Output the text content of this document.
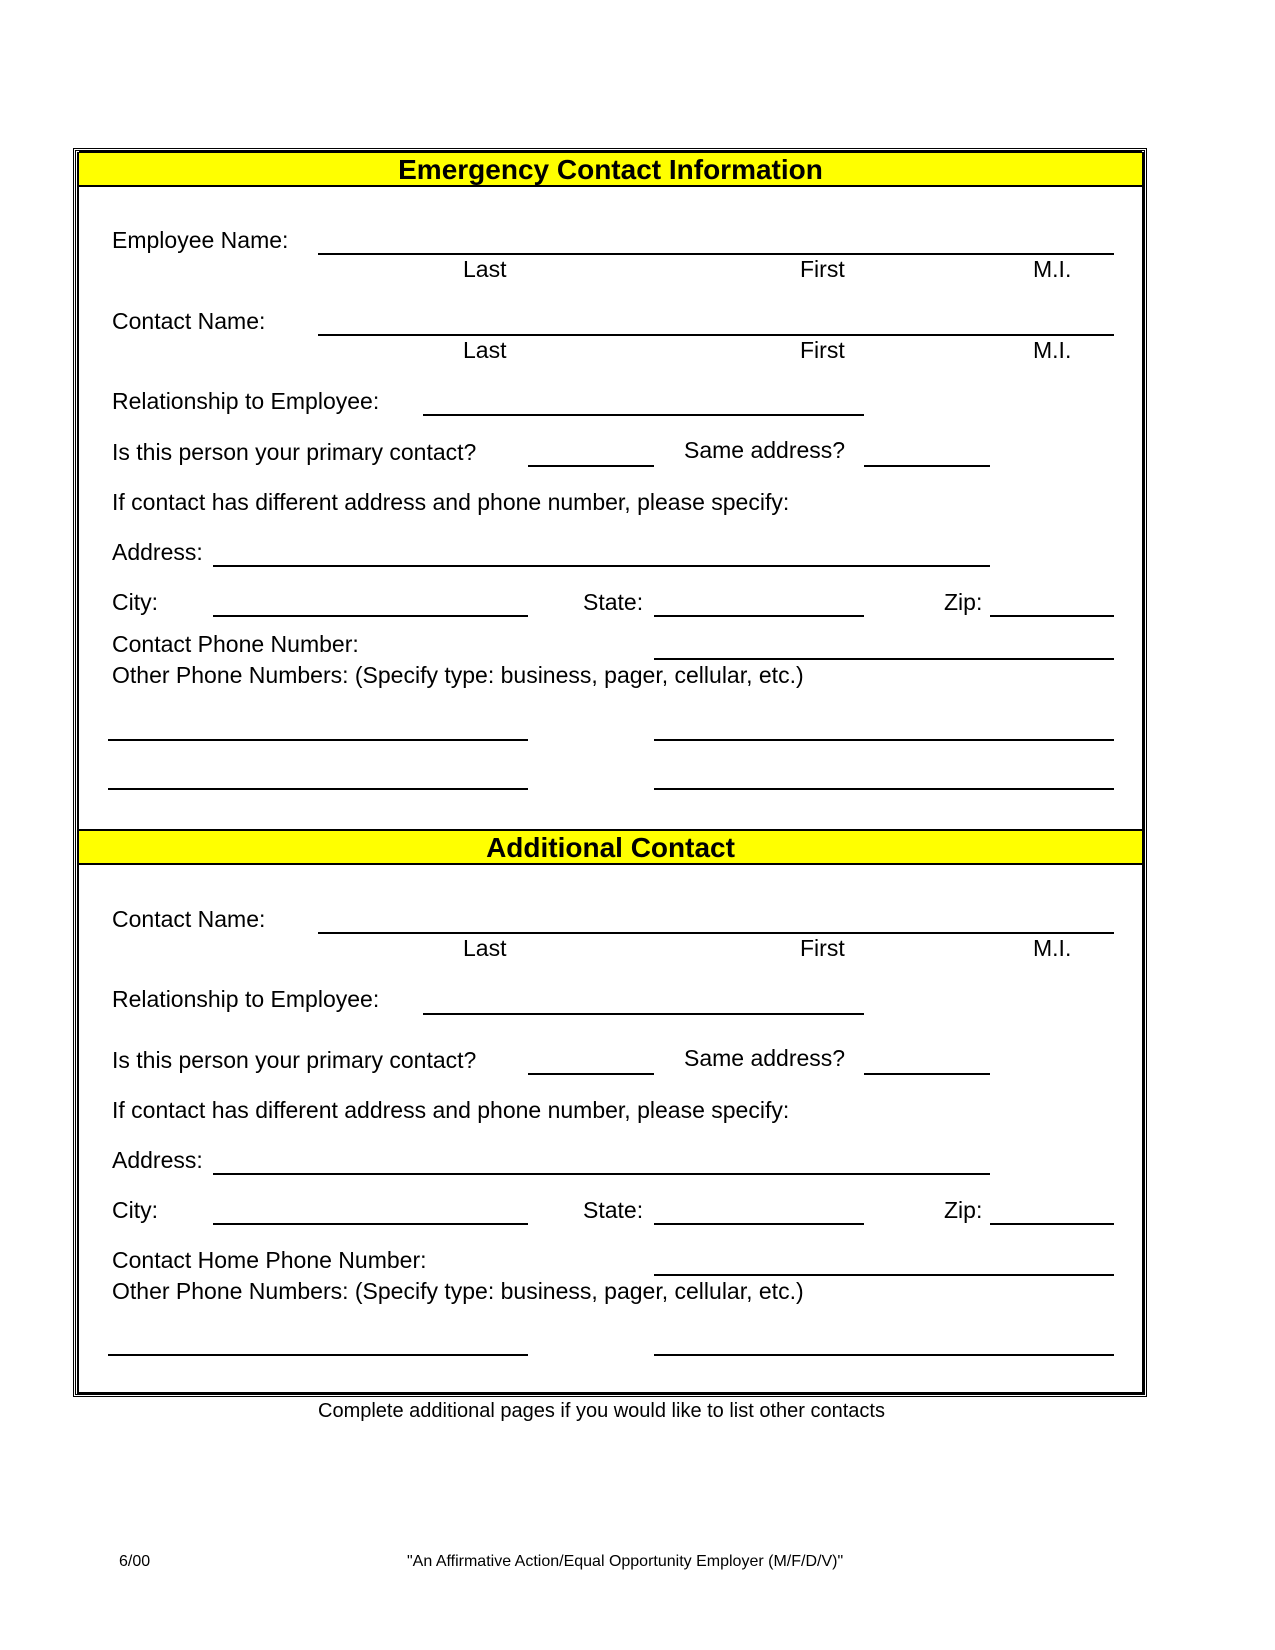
Emergency Contact Information
Employee Name:
Last	First	M.I.
Contact Name:
Last	First	M.I.
Relationship to Employee:
Is this person your primary contact?	Same address?
If contact has different address and phone number, please specify:
Address:
City:	State:	Zip:
Contact Phone Number:
Other Phone Numbers: (Specify type: business, pager, cellular, etc.)
Additional Contact
Contact Name:
Last	First	M.I.
Relationship to Employee:
Is this person your primary contact?	Same address?
If contact has different address and phone number, please specify:
Address:
City:	State:	Zip:
Contact Home Phone Number:
Other Phone Numbers: (Specify type: business, pager, cellular, etc.)
Complete additional pages if you would like to list other contacts
6/00	"An Affirmative Action/Equal Opportunity Employer (M/F/D/V)"
